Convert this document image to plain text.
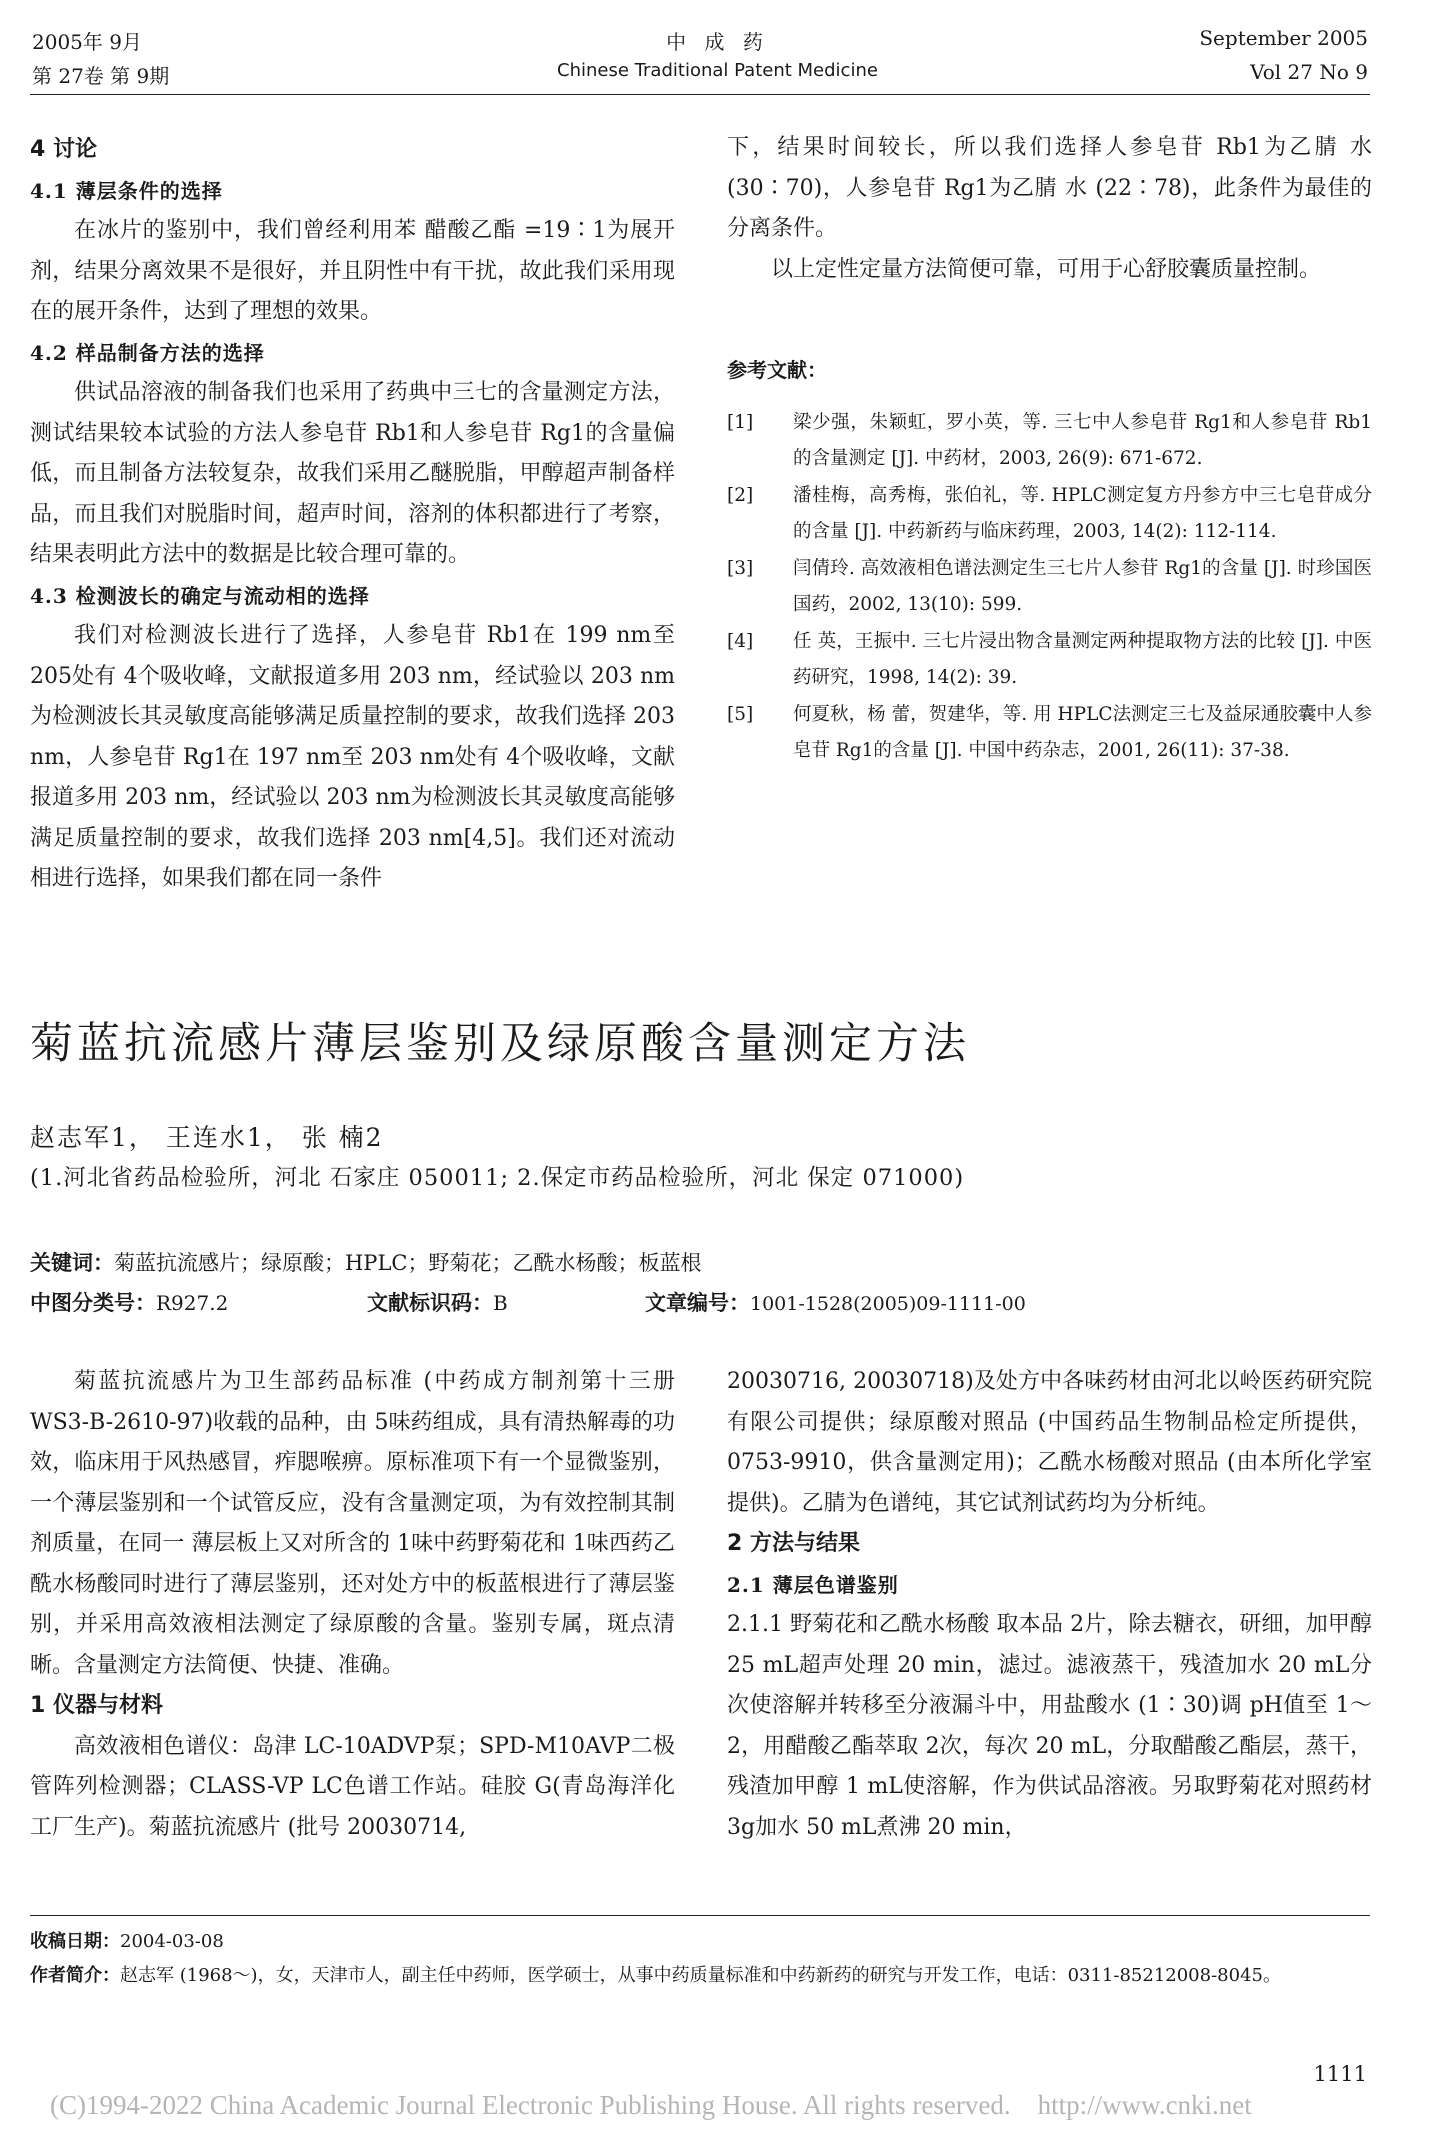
2005年 9月
第 27卷 第 9期
中 成 药
Chinese Traditional Patent Medicine
September 2005
Vol 27 No 9
4 讨论
4.1 薄层条件的选择

在冰片的鉴别中，我们曾经利用苯 醋酸乙酯 =19∶1为展开剂，结果分离效果不是很好，并且阴性中有干扰，故此我们采用现在的展开条件，达到了理想的效果。

4.2 样品制备方法的选择

供试品溶液的制备我们也采用了药典中三七的含量测定方法，测试结果较本试验的方法人参皂苷 Rb1和人参皂苷 Rg1的含量偏低，而且制备方法较复杂，故我们采用乙醚脱脂，甲醇超声制备样品，而且我们对脱脂时间，超声时间，溶剂的体积都进行了考察，结果表明此方法中的数据是比较合理可靠的。

4.3 检测波长的确定与流动相的选择

我们对检测波长进行了选择，人参皂苷 Rb1在 199 nm至 205处有 4个吸收峰，文献报道多用 203 nm，经试验以 203 nm为检测波长其灵敏度高能够满足质量控制的要求，故我们选择 203 nm，人参皂苷 Rg1在 197 nm至 203 nm处有 4个吸收峰，文献报道多用 203 nm，经试验以 203 nm为检测波长其灵敏度高能够满足质量控制的要求，故我们选择 203 nm[4,5]。我们还对流动相进行选择，如果我们都在同一条件

下，结果时间较长，所以我们选择人参皂苷 Rb1为乙腈 水 (30∶70)，人参皂苷 Rg1为乙腈 水 (22∶78)，此条件为最佳的分离条件。

以上定性定量方法简便可靠，可用于心舒胶囊质量控制。

参考文献：
[1]	梁少强，朱颖虹，罗小英，等. 三七中人参皂苷 Rg1和人参皂苷 Rb1的含量测定 [J]. 中药材，2003, 26(9): 671-672.
[2]	潘桂梅，高秀梅，张伯礼，等. HPLC测定复方丹参方中三七皂苷成分的含量 [J]. 中药新药与临床药理，2003, 14(2): 112-114.
[3]	闫倩玲. 高效液相色谱法测定生三七片人参苷 Rg1的含量 [J]. 时珍国医国药，2002, 13(10): 599.
[4]	任 英，王振中. 三七片浸出物含量测定两种提取物方法的比较 [J]. 中医药研究，1998, 14(2): 39.
[5]	何夏秋，杨 蕾，贺建华，等. 用 HPLC法测定三七及益尿通胶囊中人参皂苷 Rg1的含量 [J]. 中国中药杂志，2001, 26(11): 37-38.
菊蓝抗流感片薄层鉴别及绿原酸含量测定方法
赵志军1， 王连水1， 张 楠2
(1.河北省药品检验所，河北 石家庄 050011; 2.保定市药品检验所，河北 保定 071000)
关键词：菊蓝抗流感片；绿原酸；HPLC；野菊花；乙酰水杨酸；板蓝根
中图分类号：R927.2	文献标识码：B	文章编号：1001-1528(2005)09-1111-00

菊蓝抗流感片为卫生部药品标准 (中药成方制剂第十三册 WS3-B-2610-97)收载的品种，由 5味药组成，具有清热解毒的功效，临床用于风热感冒，痄腮喉痹。原标准项下有一个显微鉴别，一个薄层鉴别和一个试管反应，没有含量测定项，为有效控制其制剂质量，在同一 薄层板上又对所含的 1味中药野菊花和 1味西药乙酰水杨酸同时进行了薄层鉴别，还对处方中的板蓝根进行了薄层鉴别，并采用高效液相法测定了绿原酸的含量。鉴别专属，斑点清晰。含量测定方法简便、快捷、准确。

1 仪器与材料

高效液相色谱仪：岛津 LC-10ADVP泵；SPD-M10AVP二极管阵列检测器；CLASS-VP LC色谱工作站。硅胶 G(青岛海洋化工厂生产)。菊蓝抗流感片 (批号 20030714,

20030716, 20030718)及处方中各味药材由河北以岭医药研究院有限公司提供；绿原酸对照品 (中国药品生物制品检定所提供，0753-9910，供含量测定用)；乙酰水杨酸对照品 (由本所化学室提供)。乙腈为色谱纯，其它试剂试药均为分析纯。
2 方法与结果
2.1 薄层色谱鉴别
2.1.1 野菊花和乙酰水杨酸 取本品 2片，除去糖衣，研细，加甲醇 25 mL超声处理 20 min，滤过。滤液蒸干，残渣加水 20 mL分次使溶解并转移至分液漏斗中，用盐酸水 (1∶30)调 pH值至 1～2，用醋酸乙酯萃取 2次，每次 20 mL，分取醋酸乙酯层，蒸干，残渣加甲醇 1 mL使溶解，作为供试品溶液。另取野菊花对照药材 3g加水 50 mL煮沸 20 min，
收稿日期：2004-03-08
作者简介：赵志军 (1968～)，女，天津市人，副主任中药师，医学硕士，从事中药质量标准和中药新药的研究与开发工作，电话：0311-85212008-8045。
1111
(C)1994-2022 China Academic Journal Electronic Publishing House. All rights reserved.    http://www.cnki.net
